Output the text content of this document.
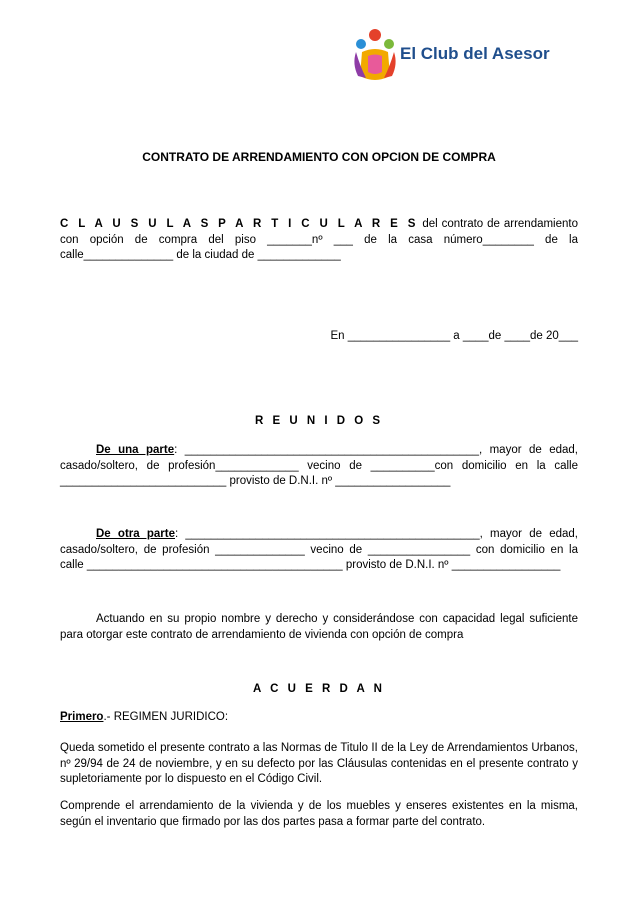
El Club del Asesor
CONTRATO DE ARRENDAMIENTO CON OPCION DE COMPRA
C L A U S U L A S P A R T I C U L A R E S del contrato de arrendamiento con opción de compra del piso _______nº ___ de la casa número________ de la calle______________ de la ciudad de _____________
En ________________ a ____de ____de 20___
R E U N I D O S
De una parte: ______________________________________________, mayor de edad, casado/soltero, de profesión_____________ vecino de __________con domicilio en la calle __________________________ provisto de D.N.I. nº __________________
De otra parte: ______________________________________________, mayor de edad, casado/soltero, de profesión ______________ vecino de ________________ con domicilio en la calle ________________________________________ provisto de D.N.I. nº _________________
Actuando en su propio nombre y derecho y considerándose con capacidad legal suficiente para otorgar este contrato de arrendamiento de vivienda con opción de compra
A C U E R D A N
Primero.- REGIMEN JURIDICO:
Queda sometido el presente contrato a las Normas de Titulo II de la Ley de Arrendamientos Urbanos, nº 29/94 de 24 de noviembre, y en su defecto por las Cláusulas contenidas en el presente contrato y supletoriamente por lo dispuesto en el Código Civil.
Comprende el arrendamiento de la vivienda y de los muebles y enseres existentes en la misma, según el inventario que firmado por las dos partes pasa a formar parte del contrato.
